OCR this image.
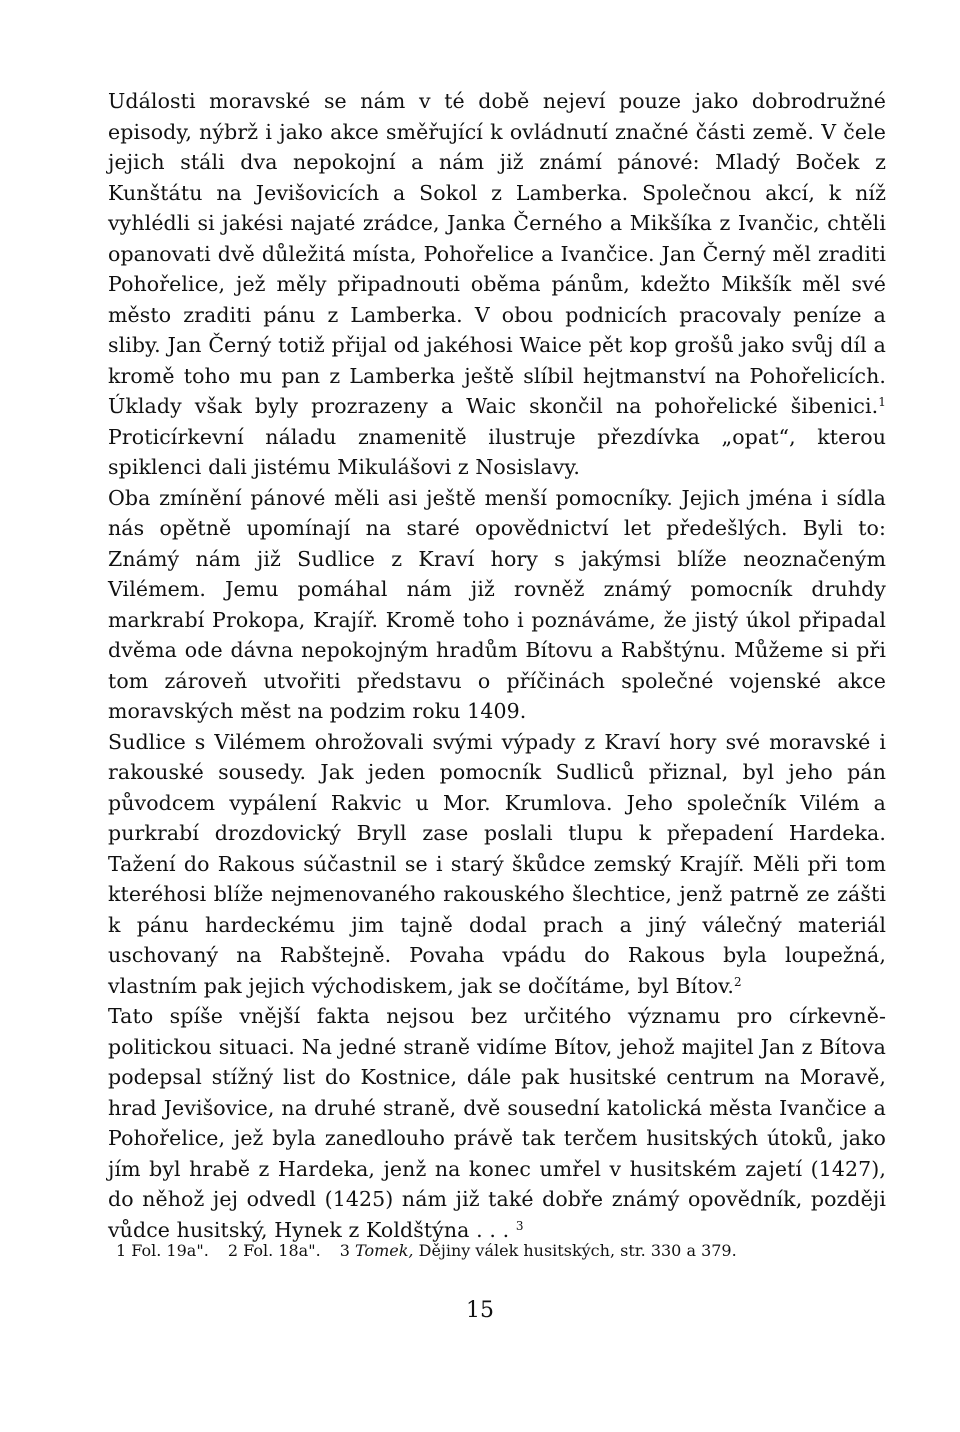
Události moravské se nám v té době nejeví pouze jako dobrodružné episody, nýbrž i jako akce směřující k ovládnutí značné části země. V čele jejich stáli dva nepokojní a nám již známí pánové: Mladý Boček z Kunštátu na Jevišovicích a Sokol z Lamberka. Společnou akcí, k níž vyhlédli si jakési najaté zrádce, Janka Černého a Mikšíka z Ivančic, chtěli opanovati dvě důležitá místa, Pohořelice a Ivančice. Jan Černý měl zraditi Pohořelice, jež měly připadnouti oběma pánům, kdežto Mikšík měl své město zraditi pánu z Lamberka. V obou podnicích pracovaly peníze a sliby. Jan Černý totiž přijal od jakéhosi Waice pět kop grošů jako svůj díl a kromě toho mu pan z Lamberka ještě slíbil hejtmanství na Pohořelicích. Úklady však byly prozrazeny a Waic skončil na pohořelické šibenici.$^1$ Proticírkevní náladu znamenitě ilustruje přezdívka „opat“, kterou spiklenci dali jistému Mikulášovi z Nosislavy.

Oba zmínění pánové měli asi ještě menší pomocníky. Jejich jména i sídla nás opětně upomínají na staré opovědnictví let předešlých. Byli to: Známý nám již Sudlice z Kraví hory s jakýmsi blíže neoznačeným Vilémem. Jemu pomáhal nám již rovněž známý pomocník druhdy markrabí Prokopa, Krajíř. Kromě toho i poznáváme, že jistý úkol připadal dvěma ode dávna nepokojným hradům Bítovu a Rabštýnu. Můžeme si při tom zároveň utvořiti představu o příčinách společné vojenské akce moravských měst na podzim roku 1409.

Sudlice s Vilémem ohrožovali svými výpady z Kraví hory své moravské i rakouské sousedy. Jak jeden pomocník Sudliců přiznal, byl jeho pán původcem vypálení Rakvic u Mor. Krumlova. Jeho společník Vilém a purkrabí drozdovický Bryll zase poslali tlupu k přepadení Hardeka. Tažení do Rakous súčastnil se i starý škůdce zemský Krajíř. Měli při tom kteréhosi blíže nejmenovaného rakouského šlechtice, jenž patrně ze zášti k pánu hardeckému jim tajně dodal prach a jiný válečný materiál uschovaný na Rabštejně. Povaha vpádu do Rakous byla loupežná, vlastním pak jejich východiskem, jak se dočítáme, byl Bítov.$^2$

Tato spíše vnější fakta nejsou bez určitého významu pro církevně-politickou situaci. Na jedné straně vidíme Bítov, jehož majitel Jan z Bítova podepsal stížný list do Kostnice, dále pak husitské centrum na Moravě, hrad Jevišovice, na druhé straně, dvě sousední katolická města Ivančice a Pohořelice, jež byla zanedlouho právě tak terčem husitských útoků, jako jím byl hrabě z Hardeka, jenž na konec umřel v husitském zajetí (1427), do něhož jej odvedl (1425) nám již také dobře známý opovědník, později vůdce husitský, Hynek z Koldštýna . . . $^3$

1 Fol. 19a". 2 Fol. 18a". 3 Tomek, Dějiny válek husitských, str. 330 a 379.
15
